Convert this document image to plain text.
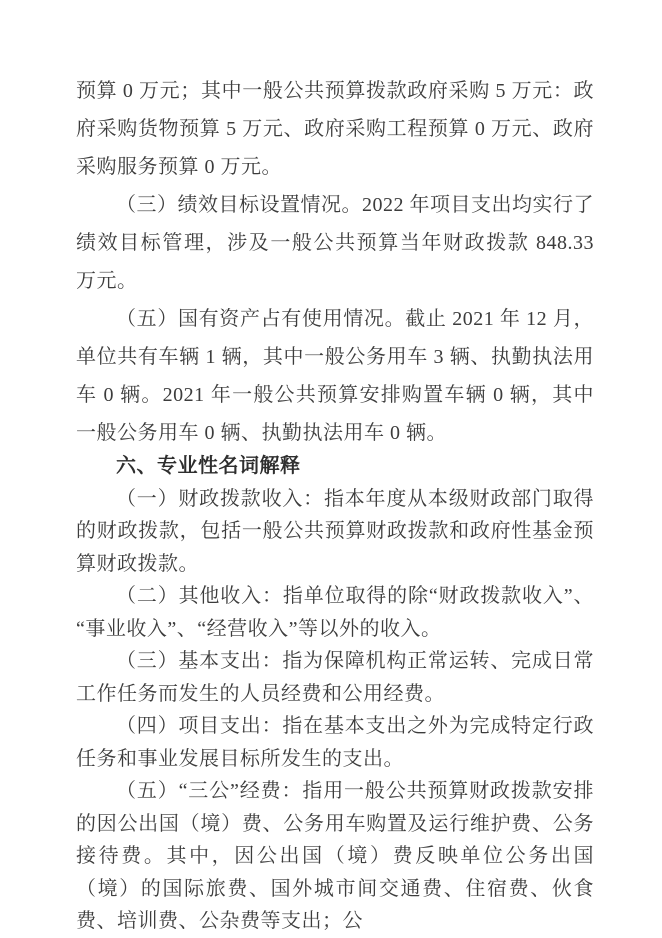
预算 0 万元；其中一般公共预算拨款政府采购 5 万元：政府采购货物预算 5 万元、政府采购工程预算 0 万元、政府采购服务预算 0 万元。

（三）绩效目标设置情况。2022 年项目支出均实行了绩效目标管理，涉及一般公共预算当年财政拨款 848.33 万元。

（五）国有资产占有使用情况。截止 2021 年 12 月，单位共有车辆 1 辆，其中一般公务用车 3 辆、执勤执法用车 0 辆。2021 年一般公共预算安排购置车辆 0 辆，其中一般公务用车 0 辆、执勤执法用车 0 辆。

六、专业性名词解释

（一）财政拨款收入：指本年度从本级财政部门取得的财政拨款，包括一般公共预算财政拨款和政府性基金预算财政拨款。

（二）其他收入：指单位取得的除“财政拨款收入”、“事业收入”、“经营收入”等以外的收入。

（三）基本支出：指为保障机构正常运转、完成日常工作任务而发生的人员经费和公用经费。

（四）项目支出：指在基本支出之外为完成特定行政任务和事业发展目标所发生的支出。

（五）“三公”经费：指用一般公共预算财政拨款安排的因公出国（境）费、公务用车购置及运行维护费、公务接待费。其中，因公出国（境）费反映单位公务出国（境）的国际旅费、国外城市间交通费、住宿费、伙食费、培训费、公杂费等支出；公
